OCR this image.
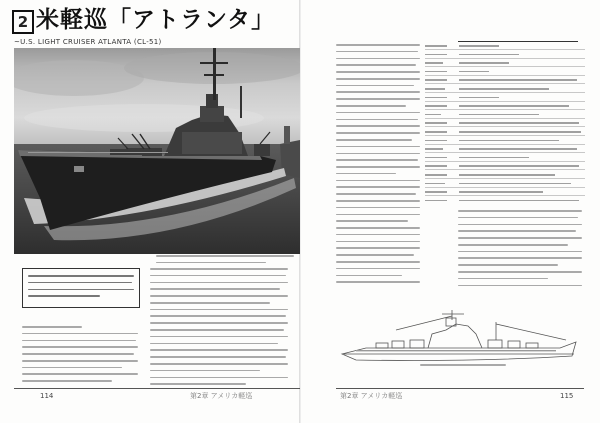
2 米軽巡「アトランタ」
~U.S. LIGHT CRUISER ATLANTA (CL-51)
114	第2章 アメリカ軽巡	第2章 アメリカ軽巡	115
